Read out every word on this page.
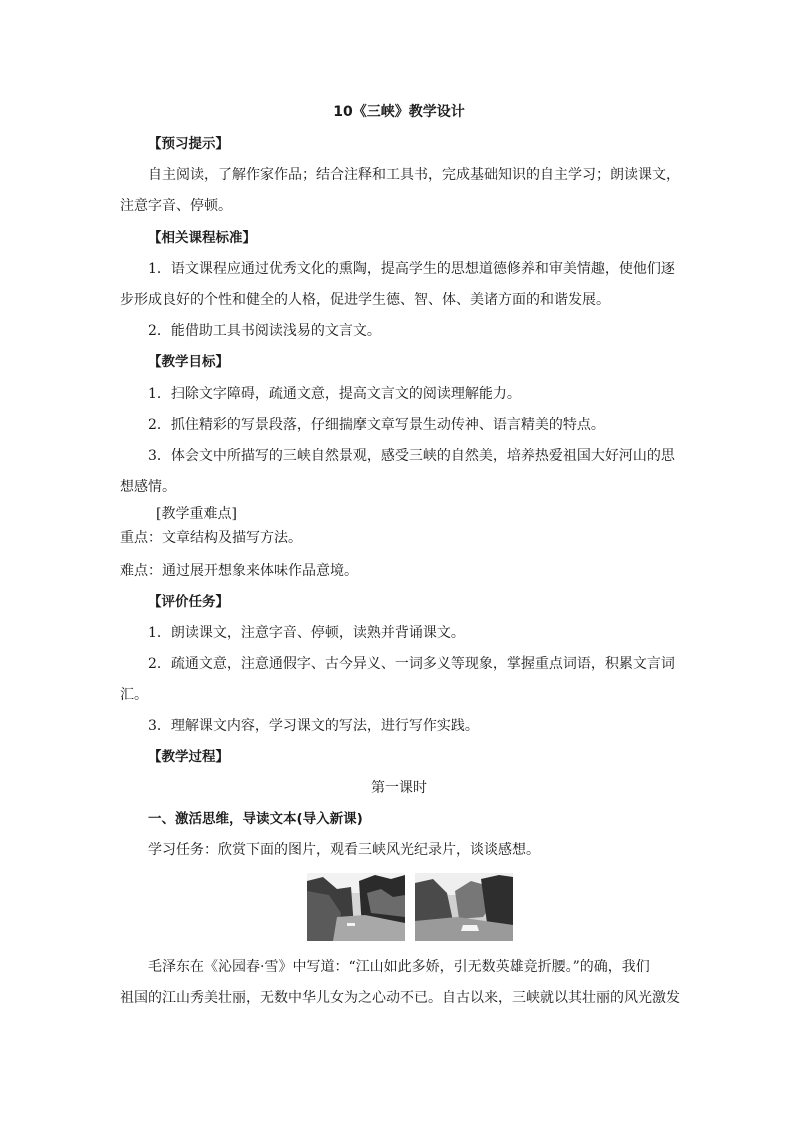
10《三峡》教学设计
【预习提示】
自主阅读，了解作家作品；结合注释和工具书，完成基础知识的自主学习；朗读课文，
注意字音、停顿。
【相关课程标准】
1．语文课程应通过优秀文化的熏陶，提高学生的思想道德修养和审美情趣，使他们逐
步形成良好的个性和健全的人格，促进学生德、智、体、美诸方面的和谐发展。
2．能借助工具书阅读浅易的文言文。
【教学目标】
1．扫除文字障碍，疏通文意，提高文言文的阅读理解能力。
2．抓住精彩的写景段落，仔细揣摩文章写景生动传神、语言精美的特点。
3．体会文中所描写的三峡自然景观，感受三峡的自然美，培养热爱祖国大好河山的思
想感情。
[教学重难点]
重点：文章结构及描写方法。
难点：通过展开想象来体味作品意境。
【评价任务】
1．朗读课文，注意字音、停顿，读熟并背诵课文。
2．疏通文意，注意通假字、古今异义、一词多义等现象，掌握重点词语，积累文言词
汇。
3．理解课文内容，学习课文的写法，进行写作实践。
【教学过程】
第一课时
一、激活思维，导读文本(导入新课)
学习任务：欣赏下面的图片，观看三峡风光纪录片，谈谈感想。
毛泽东在《沁园春·雪》中写道：“江山如此多娇，引无数英雄竞折腰。”的确，我们
祖国的江山秀美壮丽，无数中华儿女为之心动不已。自古以来，三峡就以其壮丽的风光激发
